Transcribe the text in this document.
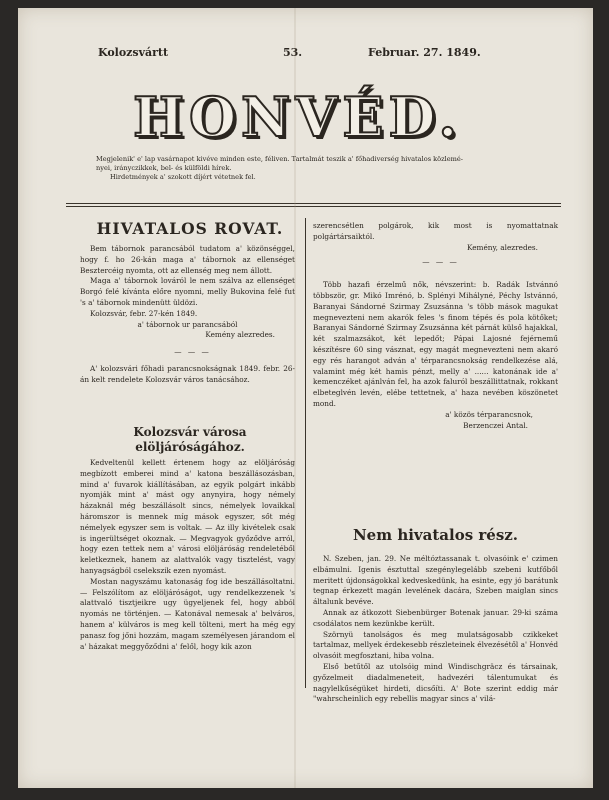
Kolozsvártt	53.	Februar. 27. 1849.
HONVÉD.
Megjelenik' e' lap vasárnapot kivéve minden este, féliven. Tartalmát teszik a' főhadiverség hivatalos közlemé-
nyei, irányczikkek, bel- és külföldi hírek.
Hirdetmények a' szokott díjért vétetnek fel.
HIVATALOS ROVAT.

Bem tábornok parancsából tudatom a' közönséggel, hogy f. ho 26-kán maga a' tábornok az ellenséget Besztercéig nyomta, ott az ellenség meg nem állott.

Maga a' tábornok lováról le nem szálva az ellenséget Borgó felé kívánta előre nyomni, melly Bukovina felé fut 's a' tábornok mindenütt üldözi.

Kolozsvár, febr. 27-kén 1849.

a' tábornok ur parancsából

Kemény alezredes.

— — —

A' kolozsvári főhadi parancsnokságnak 1849. febr. 26-án kelt rendelete Kolozsvár város tanácsához.

Kolozsvár városa elöljáróságához.

Kedveltenül kellett értenem hogy az elöljáróság megbízott emberei mind a' katona beszállásozásban, mind a' fuvarok kiállításában, az egyik polgárt inkább nyomják mint a' mást ogy anynyira, hogy némely házaknál még beszállásolt sincs, némelyek lovaikkal háromszor is mennek míg mások egyszer, sőt még némelyek egyszer sem is voltak. — Az illy kivételek csak is ingerültséget okoznak. — Megvagyok győződve arról, hogy ezen tettek nem a' városi elöljáróság rendeletéből keletkeznek, hanem az alattvalók vagy tisztelést, vagy hanyagságból cselekszik ezen nyomást.

Mostan nagyszámu katonaság fog ide beszállásoltatni. — Felszólítom az elöljáróságot, ugy rendelkezzenek 's alattvaló tisztjeikre ugy ügyeljenek fel, hogy abból nyomás ne történjen. — Katonával nemesak a' belváros, hanem a' külváros is meg kell tölteni, mert ha még egy panasz fog jőni hozzám, magam személyesen járandom el a' házakat meggyőződni a' felől, hogy kik azon

szerencsétlen polgárok, kik most is nyomattatnak polgártársaiktól.

Kemény, alezredes.

— — —

Több hazafi érzelmű nők, névszerint: b. Radák Istvánnó többször, gr. Mikó Imrénó, b. Splényi Mihályné, Péchy Istvánnó, Baranyai Sándorné Szirmay Zsuzsánna 's több mások magukat megnevezteni nem akarók feles 's finom tépés és pola kötőket; Baranyai Sándorné Szirmay Zsuzsánna két párnát külső hajakkal, két szalmazsákot, két lepedőt; Pápai Lajosné fejérnemű készítésre 60 sing vásznat, egy magát megnevezteni nem akaró egy rés harangot adván a' térparancsnokság rendelkezése alá, valamint még két hamis pénzt, melly a' ...... katonának ide a' kemenczéket ajánlván fel, ha azok faluról beszállittatnak, rokkant elbeteglvén levén, elébe tettetnek, a' haza nevében köszönetet mond.

a' közös térparancsnok,

Berzenczei Antal.

Nem hivatalos rész.

N. Szeben, jan. 29. Ne méltóztassanak t. olvasóink e' czimen elbámulni. Igenis észtuttal szegénylegelább szebeni kutfőből meritett újdonságokkal kedveskedünk, ha esinte, egy jó barátunk tegnap érkezett magán levelének dacára, Szeben maiglan sincs általunk bevéve.

Annak az átkozott Siebenbürger Botenak januar. 29-ki száma csodálatos nem kezünkbe került.

Szörnyü tanolságos és meg mulatságosabb czikkeket tartalmaz, mellyek érdekesebb részleteinek élvezésétől a' Honvéd olvasóit megfosztani, hiba volna.

Első betűtől az utolsóig mind Windischgräcz és társainak, győzelmeit diadalmeneteit, hadvezéri tálentumukat és nagylelkűségüket hirdeti, dicsőíti. A' Bote szerint eddig már "wahrscheinlich egy rebellis magyar sincs a' vilá-
